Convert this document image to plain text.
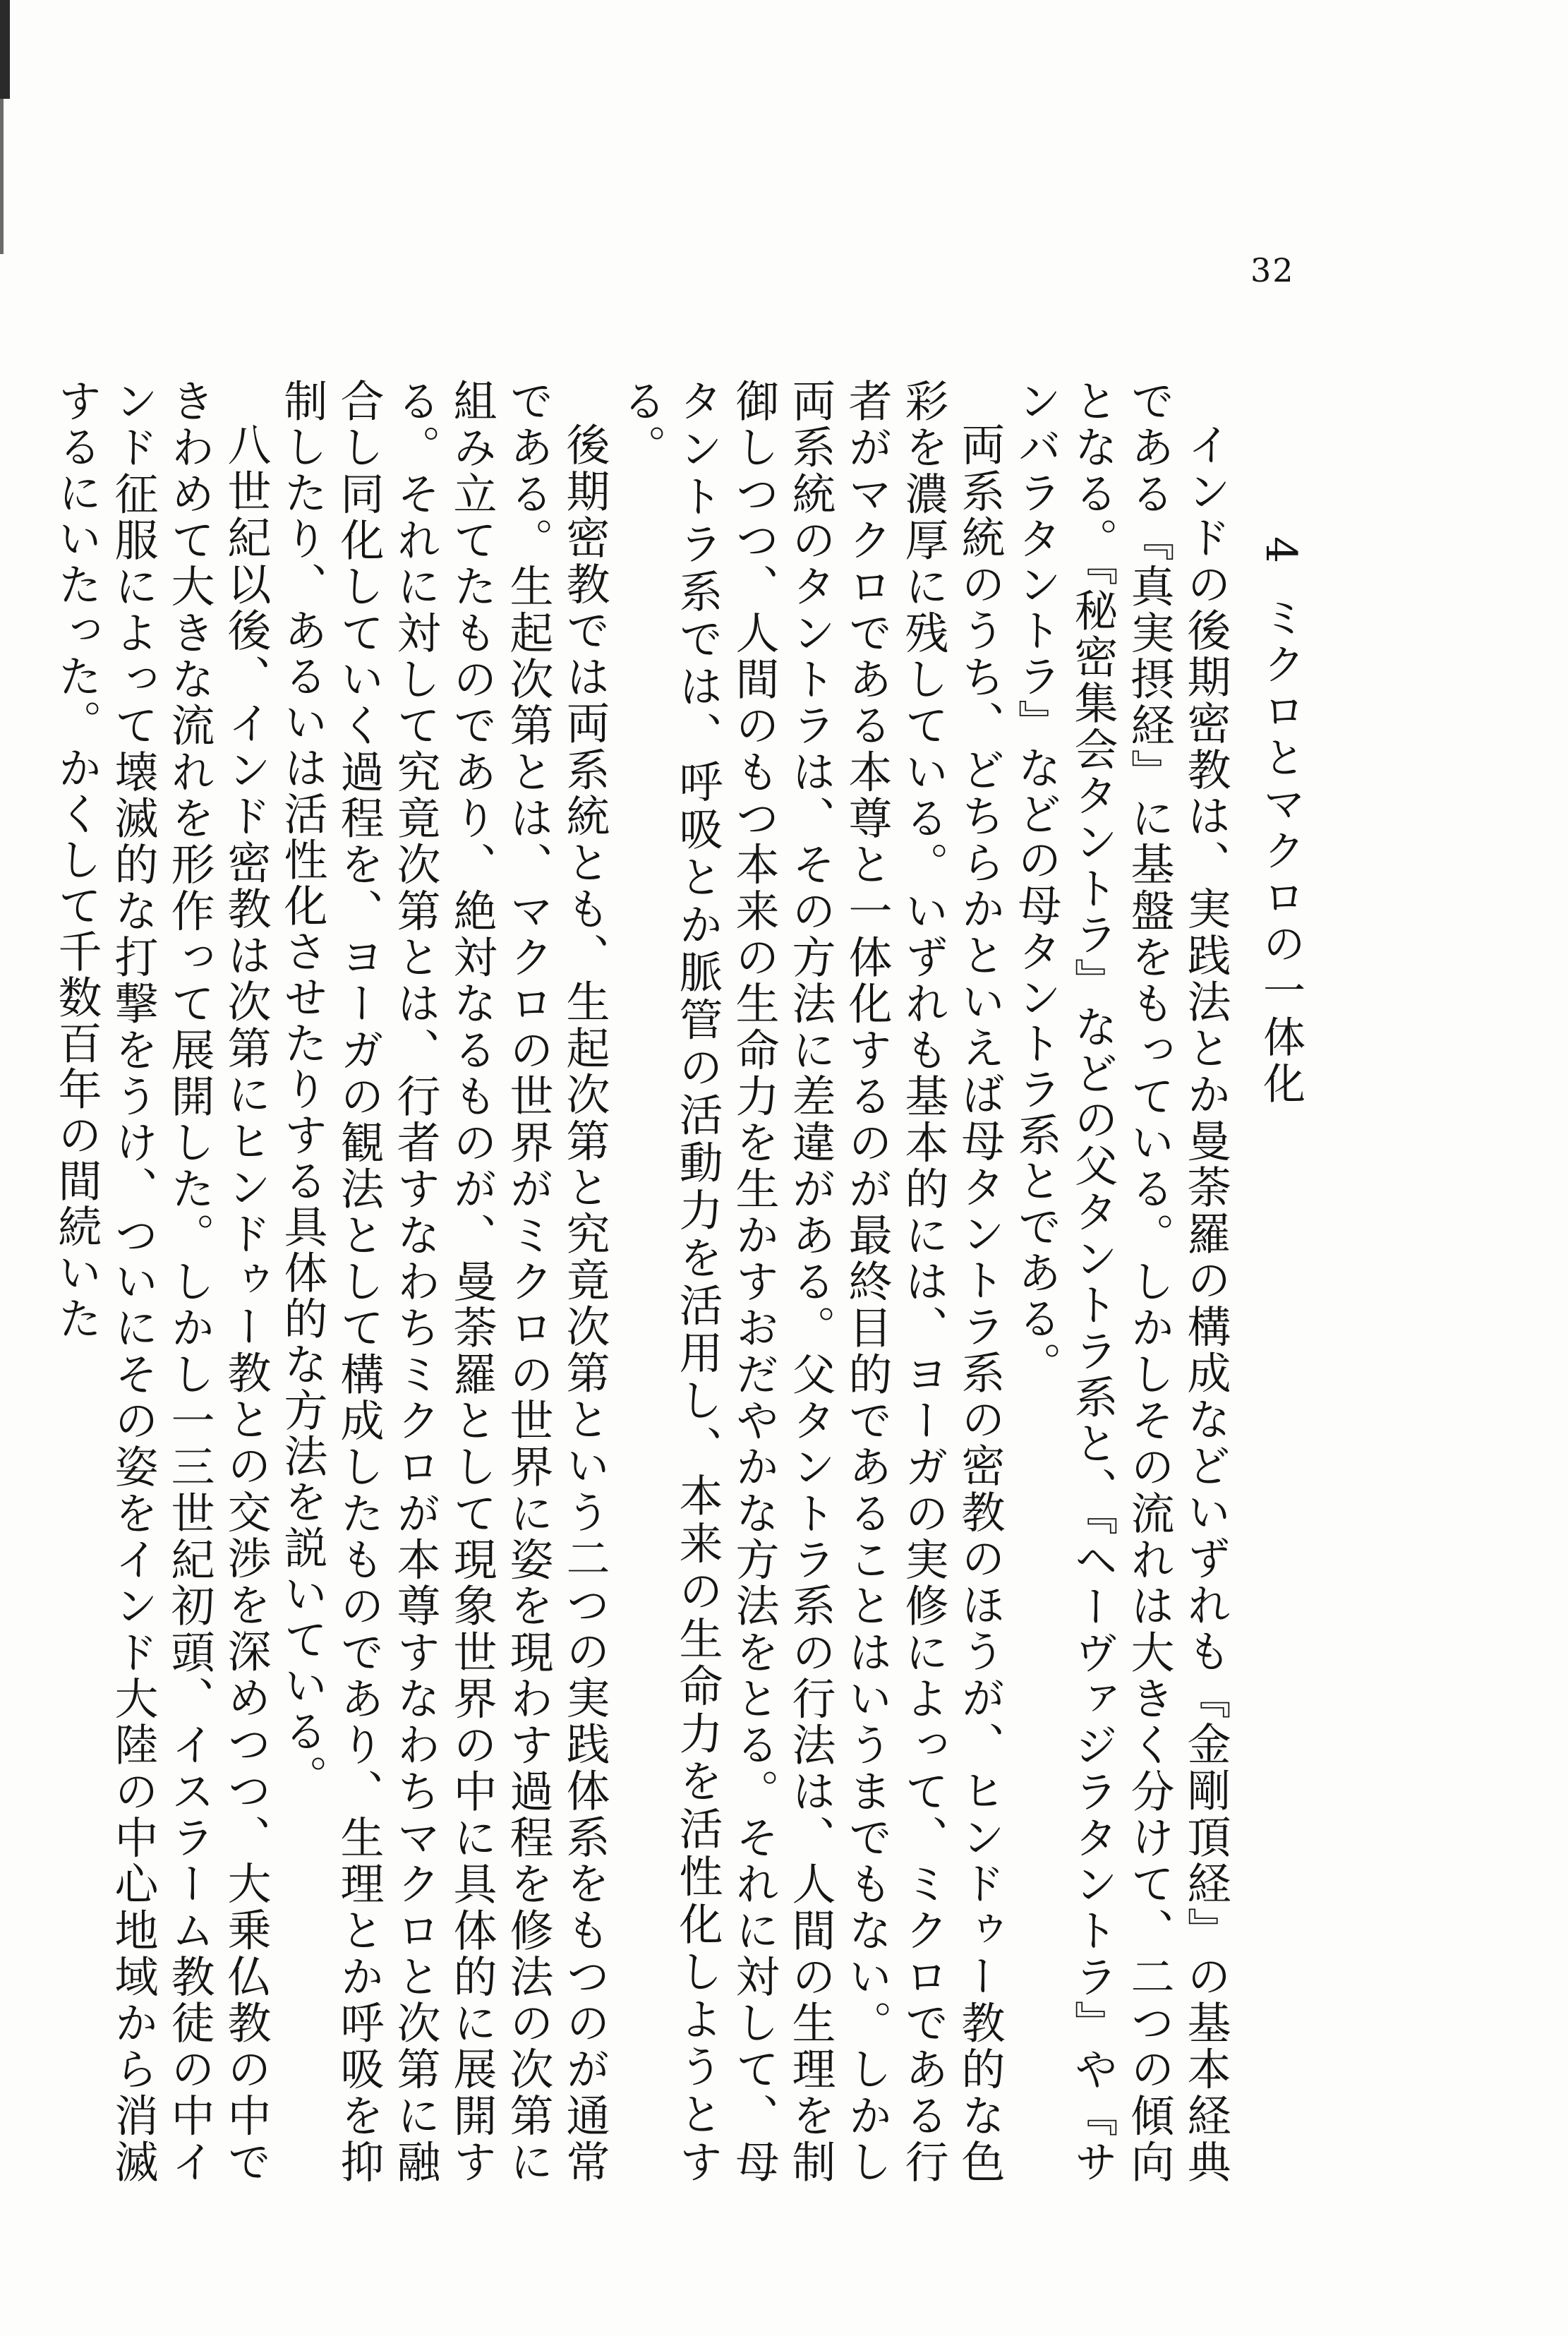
32
4ミクロとマクロの一体化

インドの後期密教は、実践法とか曼荼羅の構成などいずれも『金剛頂経』の基本経典である『真実摂経』に基盤をもっている。しかしその流れは大きく分けて、二つの傾向となる。『秘密集会タントラ』などの父タントラ系と、『ヘーヴァジラタントラ』や『サンバラタントラ』などの母タントラ系とである。

両系統のうち、どちらかといえば母タントラ系の密教のほうが、ヒンドゥー教的な色彩を濃厚に残している。いずれも基本的には、ヨーガの実修によって、ミクロである行者がマクロである本尊と一体化するのが最終目的であることはいうまでもない。しかし両系統のタントラは、その方法に差違がある。父タントラ系の行法は、人間の生理を制御しつつ、人間のもつ本来の生命力を生かすおだやかな方法をとる。それに対して、母タントラ系では、呼吸とか脈管の活動力を活用し、本来の生命力を活性化しようとする。

後期密教では両系統とも、生起次第と究竟次第という二つの実践体系をもつのが通常である。生起次第とは、マクロの世界がミクロの世界に姿を現わす過程を修法の次第に組み立てたものであり、絶対なるものが、曼荼羅として現象世界の中に具体的に展開する。それに対して究竟次第とは、行者すなわちミクロが本尊すなわちマクロと次第に融合し同化していく過程を、ヨーガの観法として構成したものであり、生理とか呼吸を抑制したり、あるいは活性化させたりする具体的な方法を説いている。

八世紀以後、インド密教は次第にヒンドゥー教との交渉を深めつつ、大乗仏教の中できわめて大きな流れを形作って展開した。しかし一三世紀初頭、イスラーム教徒の中インド征服によって壊滅的な打撃をうけ、ついにその姿をインド大陸の中心地域から消滅するにいたった。かくして千数百年の間続いた
